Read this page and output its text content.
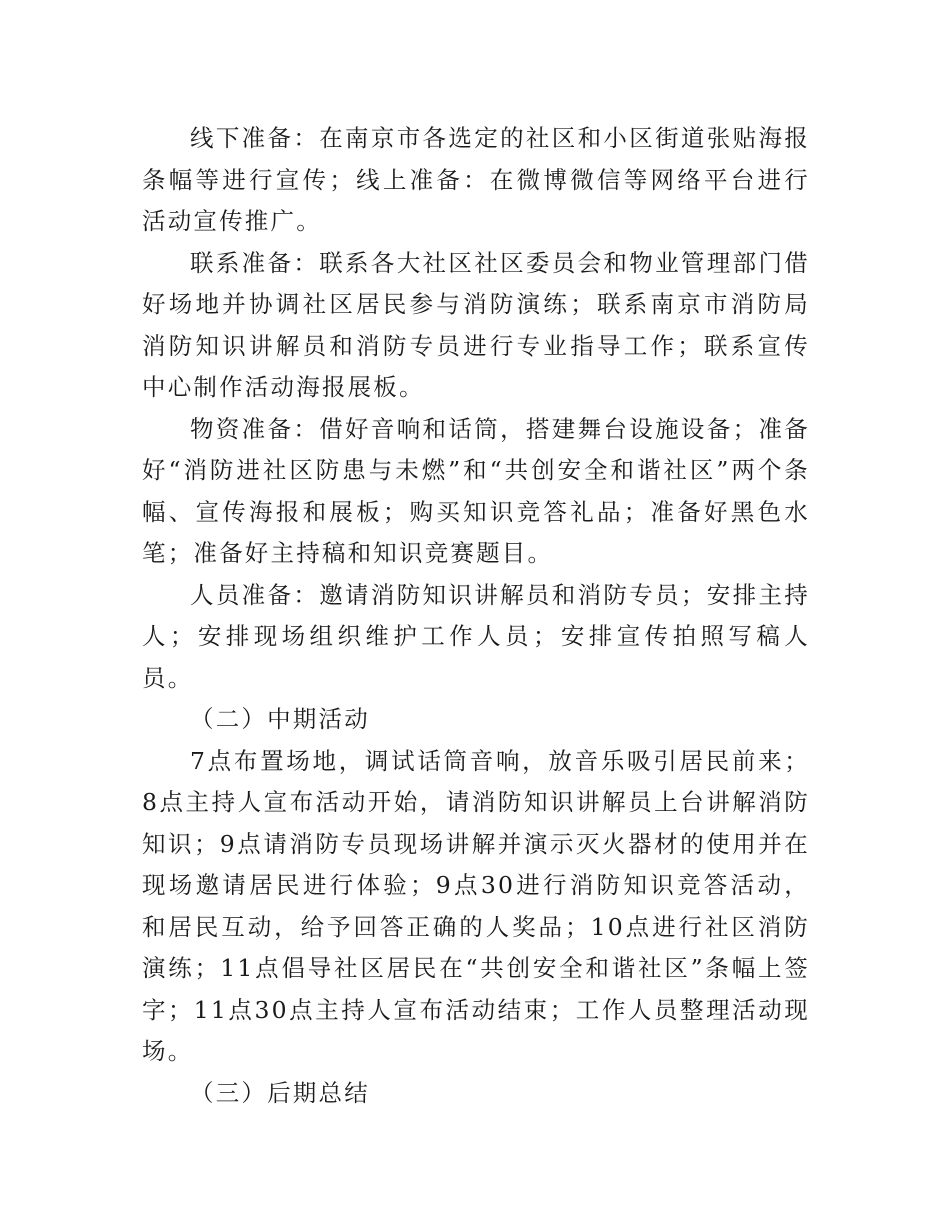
线下准备：在南京市各选定的社区和小区街道张贴海报条幅等进行宣传；线上准备：在微博微信等网络平台进行活动宣传推广。

联系准备：联系各大社区社区委员会和物业管理部门借好场地并协调社区居民参与消防演练；联系南京市消防局消防知识讲解员和消防专员进行专业指导工作；联系宣传中心制作活动海报展板。

物资准备：借好音响和话筒，搭建舞台设施设备；准备好“消防进社区防患与未燃”和“共创安全和谐社区”两个条幅、宣传海报和展板；购买知识竞答礼品；准备好黑色水笔；准备好主持稿和知识竞赛题目。

人员准备：邀请消防知识讲解员和消防专员；安排主持人；安排现场组织维护工作人员；安排宣传拍照写稿人员。

（二）中期活动

7点布置场地，调试话筒音响，放音乐吸引居民前来；8点主持人宣布活动开始，请消防知识讲解员上台讲解消防知识；9点请消防专员现场讲解并演示灭火器材的使用并在现场邀请居民进行体验；9点30进行消防知识竞答活动，和居民互动，给予回答正确的人奖品；10点进行社区消防演练；11点倡导社区居民在“共创安全和谐社区”条幅上签字；11点30点主持人宣布活动结束；工作人员整理活动现场。

（三）后期总结
